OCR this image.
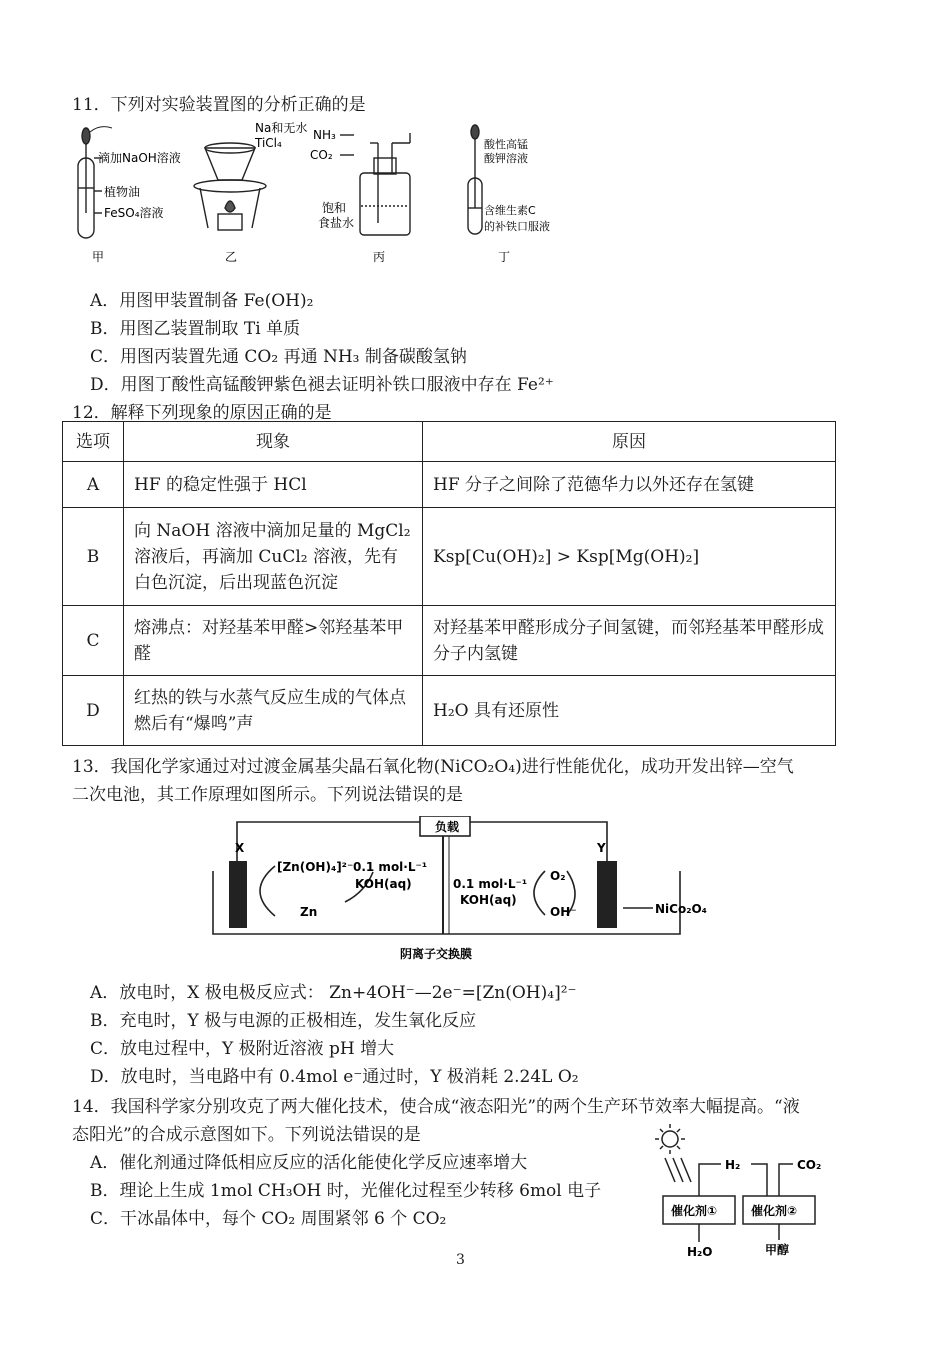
11．下列对实验装置图的分析正确的是
滴加NaOH溶液
植物油
FeSO₄溶液
Na和无水
TiCl₄
NH₃
CO₂
饱和
食盐水
酸性高锰
酸钾溶液
含维生素C
的补铁口服液
甲	乙	丙	丁
A．用图甲装置制备 Fe(OH)₂
B．用图乙装置制取 Ti 单质
C．用图丙装置先通 CO₂ 再通 NH₃ 制备碳酸氢钠
D．用图丁酸性高锰酸钾紫色褪去证明补铁口服液中存在 Fe²⁺
12．解释下列现象的原因正确的是
选项	现象	原因
A	HF 的稳定性强于 HCl	HF 分子之间除了范德华力以外还存在氢键
B	向 NaOH 溶液中滴加足量的 MgCl₂ 溶液后，再滴加 CuCl₂ 溶液，先有白色沉淀，后出现蓝色沉淀	Ksp[Cu(OH)₂] > Ksp[Mg(OH)₂]
C	熔沸点：对羟基苯甲醛>邻羟基苯甲醛	对羟基苯甲醛形成分子间氢键，而邻羟基苯甲醛形成分子内氢键
D	红热的铁与水蒸气反应生成的气体点燃后有“爆鸣”声	H₂O 具有还原性
13．我国化学家通过对过渡金属基尖晶石氧化物(NiCO₂O₄)进行性能优化，成功开发出锌—空气
二次电池，其工作原理如图所示。下列说法错误的是
负载
X	Y
[Zn(OH)₄]²⁻ 0.1 mol·L⁻¹
KOH(aq)
Zn
0.1 mol·L⁻¹
KOH(aq)
O₂
OH⁻	NiCo₂O₄
阴离子交换膜
A．放电时，X 极电极反应式： Zn+4OH⁻—2e⁻=[Zn(OH)₄]²⁻
B．充电时，Y 极与电源的正极相连，发生氧化反应
C．放电过程中，Y 极附近溶液 pH 增大
D．放电时，当电路中有 0.4mol e⁻通过时，Y 极消耗 2.24L O₂
14．我国科学家分别攻克了两大催化技术，使合成“液态阳光”的两个生产环节效率大幅提高。“液
态阳光”的合成示意图如下。下列说法错误的是
A．催化剂通过降低相应反应的活化能使化学反应速率增大
B．理论上生成 1mol CH₃OH 时，光催化过程至少转移 6mol 电子
C．干冰晶体中，每个 CO₂ 周围紧邻 6 个 CO₂
H₂	CO₂
催化剂①	催化剂②
H₂O	甲醇
3
